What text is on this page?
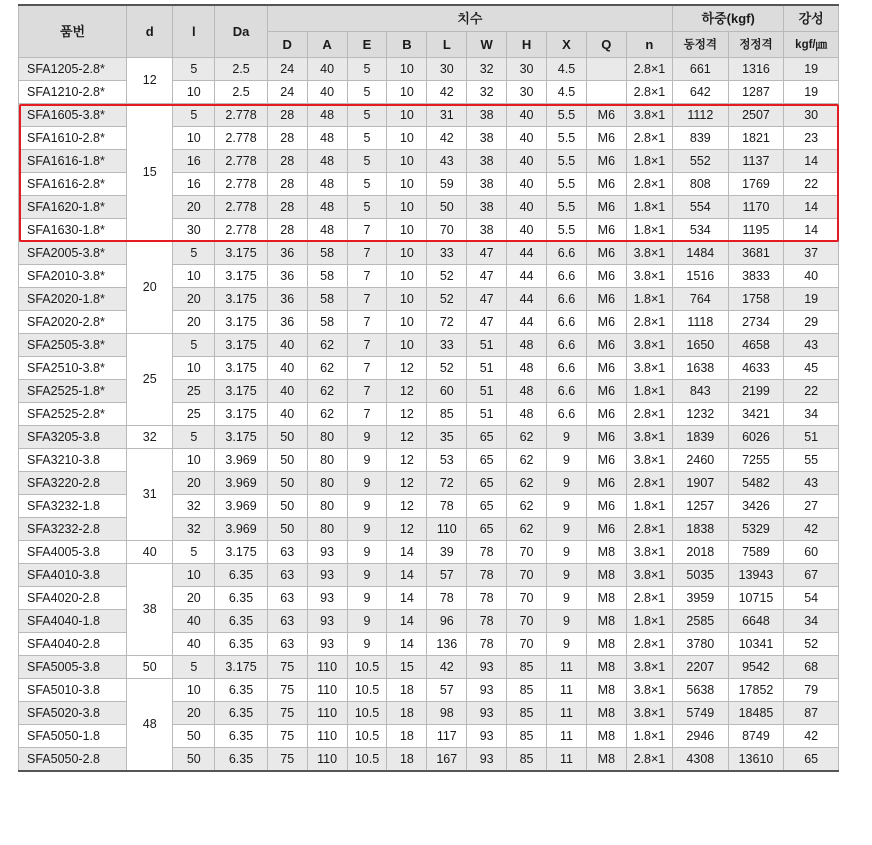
품번	d	l	Da	치수										하중(kgf)		강성
				D	A	E	B	L	W	H	X	Q	n	동정격	정정격	kgf/㎛
SFA1205-2.8*	12	5	2.5	24	40	5	10	30	32	30	4.5		2.8×1	661	1316	19
SFA1210-2.8*		10	2.5	24	40	5	10	42	32	30	4.5		2.8×1	642	1287	19
SFA1605-3.8*	15	5	2.778	28	48	5	10	31	38	40	5.5	M6	3.8×1	1112	2507	30
SFA1610-2.8*		10	2.778	28	48	5	10	42	38	40	5.5	M6	2.8×1	839	1821	23
SFA1616-1.8*		16	2.778	28	48	5	10	43	38	40	5.5	M6	1.8×1	552	1137	14
SFA1616-2.8*		16	2.778	28	48	5	10	59	38	40	5.5	M6	2.8×1	808	1769	22
SFA1620-1.8*		20	2.778	28	48	5	10	50	38	40	5.5	M6	1.8×1	554	1170	14
SFA1630-1.8*		30	2.778	28	48	7	10	70	38	40	5.5	M6	1.8×1	534	1195	14
SFA2005-3.8*	20	5	3.175	36	58	7	10	33	47	44	6.6	M6	3.8×1	1484	3681	37
SFA2010-3.8*		10	3.175	36	58	7	10	52	47	44	6.6	M6	3.8×1	1516	3833	40
SFA2020-1.8*		20	3.175	36	58	7	10	52	47	44	6.6	M6	1.8×1	764	1758	19
SFA2020-2.8*		20	3.175	36	58	7	10	72	47	44	6.6	M6	2.8×1	1118	2734	29
SFA2505-3.8*	25	5	3.175	40	62	7	10	33	51	48	6.6	M6	3.8×1	1650	4658	43
SFA2510-3.8*		10	3.175	40	62	7	12	52	51	48	6.6	M6	3.8×1	1638	4633	45
SFA2525-1.8*		25	3.175	40	62	7	12	60	51	48	6.6	M6	1.8×1	843	2199	22
SFA2525-2.8*		25	3.175	40	62	7	12	85	51	48	6.6	M6	2.8×1	1232	3421	34
SFA3205-3.8	32	5	3.175	50	80	9	12	35	65	62	9	M6	3.8×1	1839	6026	51
SFA3210-3.8	31	10	3.969	50	80	9	12	53	65	62	9	M6	3.8×1	2460	7255	55
SFA3220-2.8		20	3.969	50	80	9	12	72	65	62	9	M6	2.8×1	1907	5482	43
SFA3232-1.8		32	3.969	50	80	9	12	78	65	62	9	M6	1.8×1	1257	3426	27
SFA3232-2.8		32	3.969	50	80	9	12	110	65	62	9	M6	2.8×1	1838	5329	42
SFA4005-3.8	40	5	3.175	63	93	9	14	39	78	70	9	M8	3.8×1	2018	7589	60
SFA4010-3.8	38	10	6.35	63	93	9	14	57	78	70	9	M8	3.8×1	5035	13943	67
SFA4020-2.8		20	6.35	63	93	9	14	78	78	70	9	M8	2.8×1	3959	10715	54
SFA4040-1.8		40	6.35	63	93	9	14	96	78	70	9	M8	1.8×1	2585	6648	34
SFA4040-2.8		40	6.35	63	93	9	14	136	78	70	9	M8	2.8×1	3780	10341	52
SFA5005-3.8	50	5	3.175	75	110	10.5	15	42	93	85	11	M8	3.8×1	2207	9542	68
SFA5010-3.8	48	10	6.35	75	110	10.5	18	57	93	85	11	M8	3.8×1	5638	17852	79
SFA5020-3.8		20	6.35	75	110	10.5	18	98	93	85	11	M8	3.8×1	5749	18485	87
SFA5050-1.8		50	6.35	75	110	10.5	18	117	93	85	11	M8	1.8×1	2946	8749	42
SFA5050-2.8		50	6.35	75	110	10.5	18	167	93	85	11	M8	2.8×1	4308	13610	65
